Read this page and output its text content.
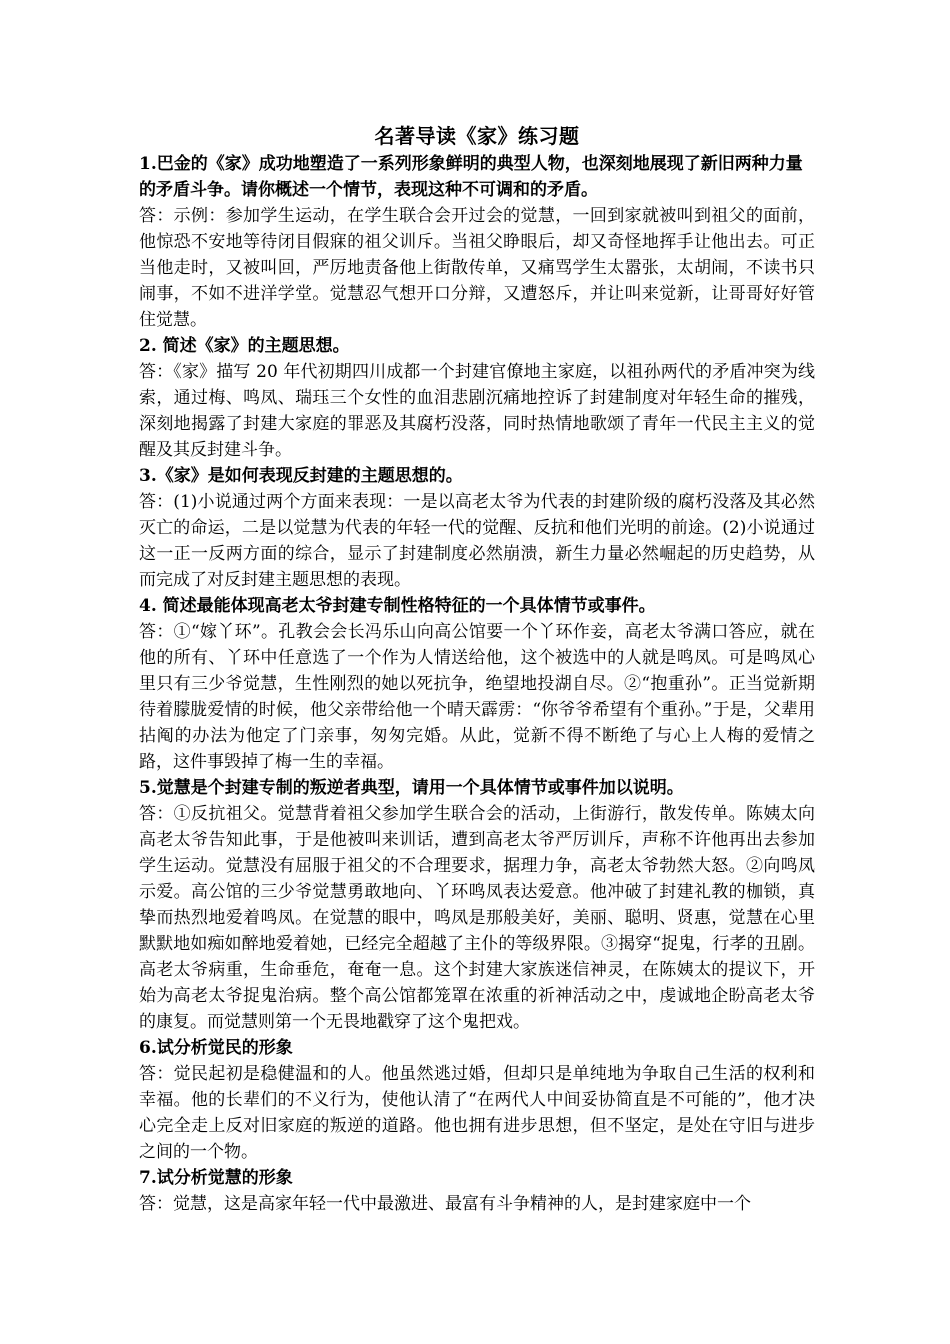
名著导读《家》练习题

1.巴金的《家》成功地塑造了一系列形象鲜明的典型人物，也深刻地展现了新旧两种力量的矛盾斗争。请你概述一个情节，表现这种不可调和的矛盾。

答：示例：参加学生运动，在学生联合会开过会的觉慧，一回到家就被叫到祖父的面前，他惊恐不安地等待闭目假寐的祖父训斥。当祖父睁眼后，却又奇怪地挥手让他出去。可正当他走时，又被叫回，严厉地责备他上街散传单，又痛骂学生太嚣张，太胡闹，不读书只闹事，不如不进洋学堂。觉慧忍气想开口分辩，又遭怒斥，并让叫来觉新，让哥哥好好管住觉慧。

2. 简述《家》的主题思想。

答：《家》描写 20 年代初期四川成都一个封建官僚地主家庭，以祖孙两代的矛盾冲突为线索，通过梅、鸣凤、瑞珏三个女性的血泪悲剧沉痛地控诉了封建制度对年轻生命的摧残，深刻地揭露了封建大家庭的罪恶及其腐朽没落，同时热情地歌颂了青年一代民主主义的觉醒及其反封建斗争。

3.《家》是如何表现反封建的主题思想的。

答：(1)小说通过两个方面来表现：一是以高老太爷为代表的封建阶级的腐朽没落及其必然灭亡的命运，二是以觉慧为代表的年轻一代的觉醒、反抗和他们光明的前途。(2)小说通过这一正一反两方面的综合，显示了封建制度必然崩溃，新生力量必然崛起的历史趋势，从而完成了对反封建主题思想的表现。

4. 简述最能体现高老太爷封建专制性格特征的一个具体情节或事件。

答：①“嫁丫环”。孔教会会长冯乐山向高公馆要一个丫环作妾，高老太爷满口答应，就在他的所有、丫环中任意选了一个作为人情送给他，这个被选中的人就是鸣凤。可是鸣凤心里只有三少爷觉慧，生性刚烈的她以死抗争，绝望地投湖自尽。②“抱重孙”。正当觉新期待着朦胧爱情的时候，他父亲带给他一个晴天霹雳：“你爷爷希望有个重孙。”于是，父辈用拈阄的办法为他定了门亲事，匆匆完婚。从此，觉新不得不断绝了与心上人梅的爱情之路，这件事毁掉了梅一生的幸福。

5.觉慧是个封建专制的叛逆者典型，请用一个具体情节或事件加以说明。

答：①反抗祖父。觉慧背着祖父参加学生联合会的活动，上街游行，散发传单。陈姨太向高老太爷告知此事，于是他被叫来训话，遭到高老太爷严厉训斥，声称不许他再出去参加学生运动。觉慧没有屈服于祖父的不合理要求，据理力争，高老太爷勃然大怒。②向鸣凤示爱。高公馆的三少爷觉慧勇敢地向、丫环鸣凤表达爱意。他冲破了封建礼教的枷锁，真挚而热烈地爱着鸣凤。在觉慧的眼中，鸣凤是那般美好，美丽、聪明、贤惠，觉慧在心里默默地如痴如醉地爱着她，已经完全超越了主仆的等级界限。③揭穿“捉鬼，行孝的丑剧。高老太爷病重，生命垂危，奄奄一息。这个封建大家族迷信神灵，在陈姨太的提议下，开始为高老太爷捉鬼治病。整个高公馆都笼罩在浓重的祈神活动之中，虔诚地企盼高老太爷的康复。而觉慧则第一个无畏地戳穿了这个鬼把戏。

6.试分析觉民的形象

答：觉民起初是稳健温和的人。他虽然逃过婚，但却只是单纯地为争取自己生活的权利和幸福。他的长辈们的不义行为，使他认清了“在两代人中间妥协简直是不可能的”，他才决心完全走上反对旧家庭的叛逆的道路。他也拥有进步思想，但不坚定，是处在守旧与进步之间的一个物。

7.试分析觉慧的形象

答：觉慧，这是高家年轻一代中最激进、最富有斗争精神的人，是封建家庭中一个
